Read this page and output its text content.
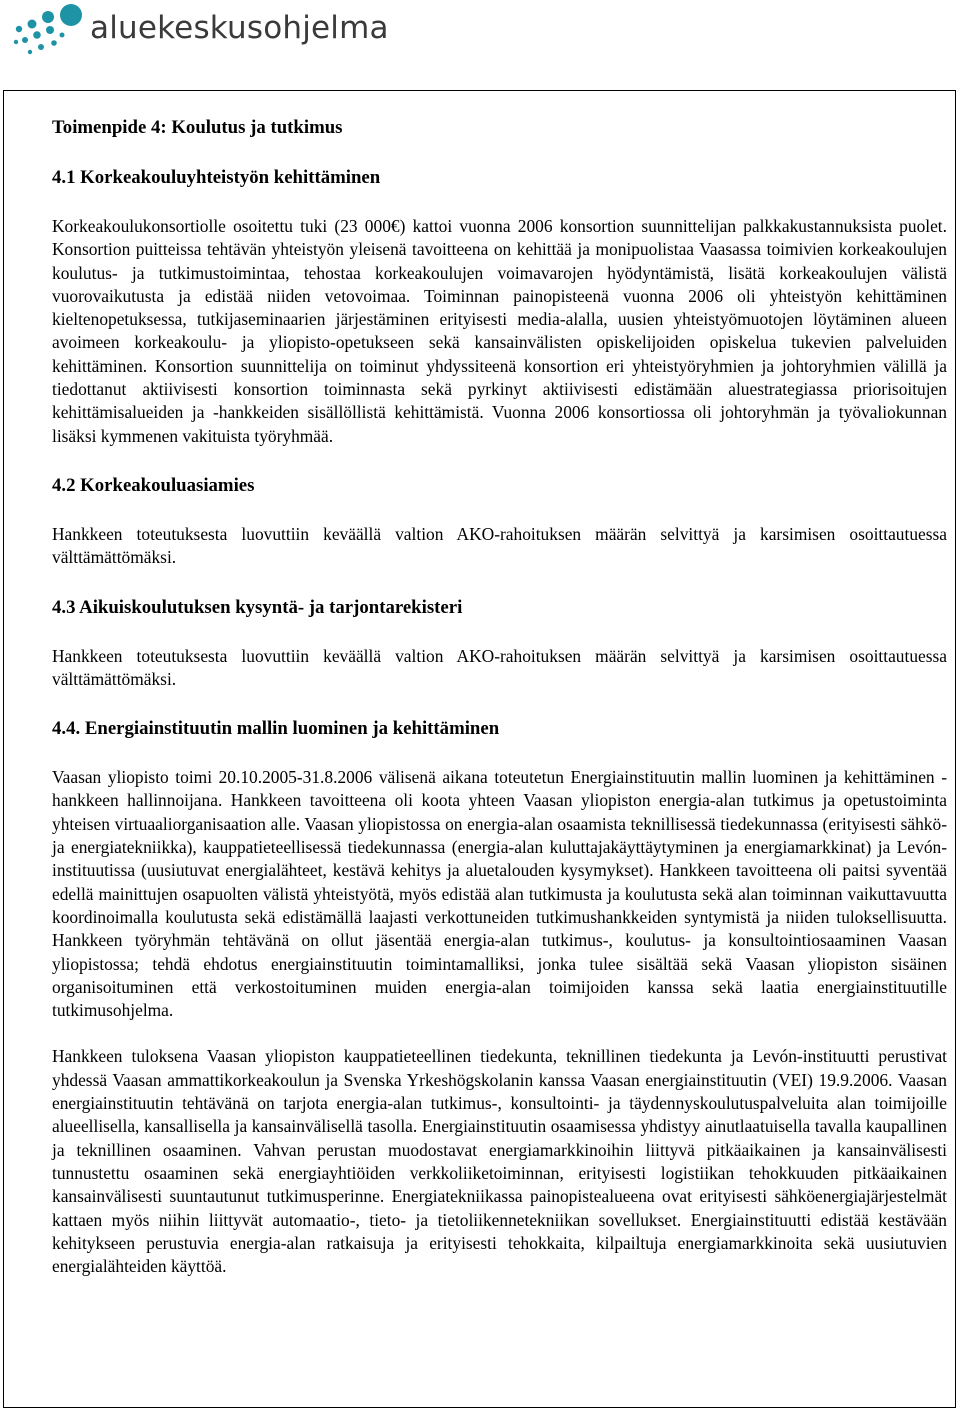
aluekeskusohjelma
Toimenpide 4: Koulutus ja tutkimus
4.1 Korkeakouluyhteistyön kehittäminen

Korkeakoulukonsortiolle osoitettu tuki (23 000€) kattoi vuonna 2006 konsortion suunnittelijan palkkakustannuksista puolet. Konsortion puitteissa tehtävän yhteistyön yleisenä tavoitteena on kehittää ja monipuolistaa Vaasassa toimivien korkeakoulujen koulutus- ja tutkimustoimintaa, tehostaa korkeakoulujen voimavarojen hyödyntämistä, lisätä korkeakoulujen välistä vuorovaikutusta ja edistää niiden vetovoimaa. Toiminnan painopisteenä vuonna 2006 oli yhteistyön kehittäminen kieltenopetuksessa, tutkijaseminaarien järjestäminen erityisesti media-alalla, uusien yhteistyömuotojen löytäminen alueen avoimeen korkeakoulu- ja yliopisto-opetukseen sekä kansainvälisten opiskelijoiden opiskelua tukevien palveluiden kehittäminen. Konsortion suunnittelija on toiminut yhdyssiteenä konsortion eri yhteistyöryhmien ja johtoryhmien välillä ja tiedottanut aktiivisesti konsortion toiminnasta sekä pyrkinyt aktiivisesti edistämään aluestrategiassa priorisoitujen kehittämisalueiden ja -hankkeiden sisällöllistä kehittämistä. Vuonna 2006 konsortiossa oli johtoryhmän ja työvaliokunnan lisäksi kymmenen vakituista työryhmää.

4.2 Korkeakouluasiamies

Hankkeen toteutuksesta luovuttiin keväällä valtion AKO-rahoituksen määrän selvittyä ja karsimisen osoittautuessa välttämättömäksi.

4.3 Aikuiskoulutuksen kysyntä- ja tarjontarekisteri

Hankkeen toteutuksesta luovuttiin keväällä valtion AKO-rahoituksen määrän selvittyä ja karsimisen osoittautuessa välttämättömäksi.

4.4. Energiainstituutin mallin luominen ja kehittäminen

Vaasan yliopisto toimi 20.10.2005-31.8.2006 välisenä aikana toteutetun Energiainstituutin mallin luominen ja kehittäminen -hankkeen hallinnoijana. Hankkeen tavoitteena oli koota yhteen Vaasan yliopiston energia-alan tutkimus ja opetustoiminta yhteisen virtuaaliorganisaation alle. Vaasan yliopistossa on energia-alan osaamista teknillisessä tiedekunnassa (erityisesti sähkö- ja energiatekniikka), kauppatieteellisessä tiedekunnassa (energia-alan kuluttajakäyttäytyminen ja energiamarkkinat) ja Levón-instituutissa (uusiutuvat energialähteet, kestävä kehitys ja aluetalouden kysymykset). Hankkeen tavoitteena oli paitsi syventää edellä mainittujen osapuolten välistä yhteistyötä, myös edistää alan tutkimusta ja koulutusta sekä alan toiminnan vaikuttavuutta koordinoimalla koulutusta sekä edistämällä laajasti verkottuneiden tutkimushankkeiden syntymistä ja niiden tuloksellisuutta. Hankkeen työryhmän tehtävänä on ollut jäsentää energia-alan tutkimus-, koulutus- ja konsultointiosaaminen Vaasan yliopistossa; tehdä ehdotus energiainstituutin toimintamalliksi, jonka tulee sisältää sekä Vaasan yliopiston sisäinen organisoituminen että verkostoituminen muiden energia-alan toimijoiden kanssa sekä laatia energiainstituutille tutkimusohjelma.

Hankkeen tuloksena Vaasan yliopiston kauppatieteellinen tiedekunta, teknillinen tiedekunta ja Levón-instituutti perustivat yhdessä Vaasan ammattikorkeakoulun ja Svenska Yrkeshögskolanin kanssa Vaasan energiainstituutin (VEI) 19.9.2006. Vaasan energiainstituutin tehtävänä on tarjota energia-alan tutkimus-, konsultointi- ja täydennyskoulutuspalveluita alan toimijoille alueellisella, kansallisella ja kansainvälisellä tasolla. Energiainstituutin osaamisessa yhdistyy ainutlaatuisella tavalla kaupallinen ja teknillinen osaaminen. Vahvan perustan muodostavat energiamarkkinoihin liittyvä pitkäaikainen ja kansainvälisesti tunnustettu osaaminen sekä energiayhtiöiden verkkoliiketoiminnan, erityisesti logistiikan tehokkuuden pitkäaikainen kansainvälisesti suuntautunut tutkimusperinne. Energiatekniikassa painopistealueena ovat erityisesti sähköenergiajärjestelmät kattaen myös niihin liittyvät automaatio-, tieto- ja tietoliikennetekniikan sovellukset. Energiainstituutti edistää kestävään kehitykseen perustuvia energia-alan ratkaisuja ja erityisesti tehokkaita, kilpailtuja energiamarkkinoita sekä uusiutuvien energialähteiden käyttöä.
